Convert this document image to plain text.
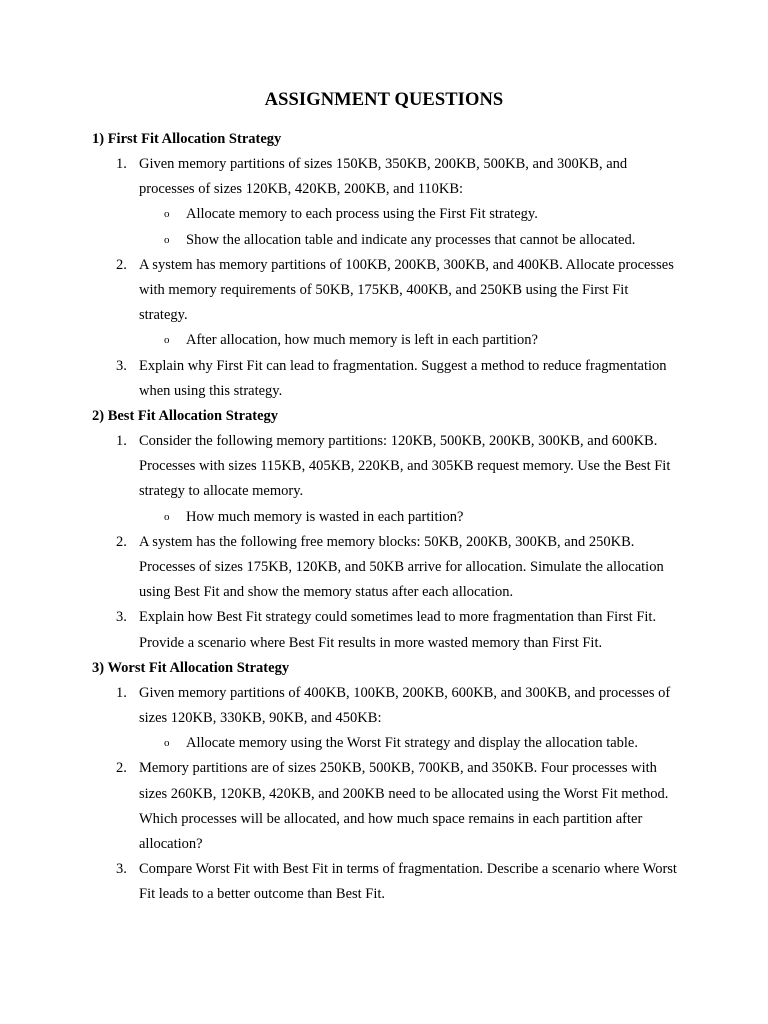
ASSIGNMENT QUESTIONS
1) First Fit Allocation Strategy
1. Given memory partitions of sizes 150KB, 350KB, 200KB, 500KB, and 300KB, and processes of sizes 120KB, 420KB, 200KB, and 110KB:
o Allocate memory to each process using the First Fit strategy.
o Show the allocation table and indicate any processes that cannot be allocated.
2. A system has memory partitions of 100KB, 200KB, 300KB, and 400KB. Allocate processes with memory requirements of 50KB, 175KB, 400KB, and 250KB using the First Fit strategy.
o After allocation, how much memory is left in each partition?
3. Explain why First Fit can lead to fragmentation. Suggest a method to reduce fragmentation when using this strategy.
2) Best Fit Allocation Strategy
1. Consider the following memory partitions: 120KB, 500KB, 200KB, 300KB, and 600KB. Processes with sizes 115KB, 405KB, 220KB, and 305KB request memory. Use the Best Fit strategy to allocate memory.
o How much memory is wasted in each partition?
2. A system has the following free memory blocks: 50KB, 200KB, 300KB, and 250KB. Processes of sizes 175KB, 120KB, and 50KB arrive for allocation. Simulate the allocation using Best Fit and show the memory status after each allocation.
3. Explain how Best Fit strategy could sometimes lead to more fragmentation than First Fit. Provide a scenario where Best Fit results in more wasted memory than First Fit.
3) Worst Fit Allocation Strategy
1. Given memory partitions of 400KB, 100KB, 200KB, 600KB, and 300KB, and processes of sizes 120KB, 330KB, 90KB, and 450KB:
o Allocate memory using the Worst Fit strategy and display the allocation table.
2. Memory partitions are of sizes 250KB, 500KB, 700KB, and 350KB. Four processes with sizes 260KB, 120KB, 420KB, and 200KB need to be allocated using the Worst Fit method. Which processes will be allocated, and how much space remains in each partition after allocation?
3. Compare Worst Fit with Best Fit in terms of fragmentation. Describe a scenario where Worst Fit leads to a better outcome than Best Fit.
